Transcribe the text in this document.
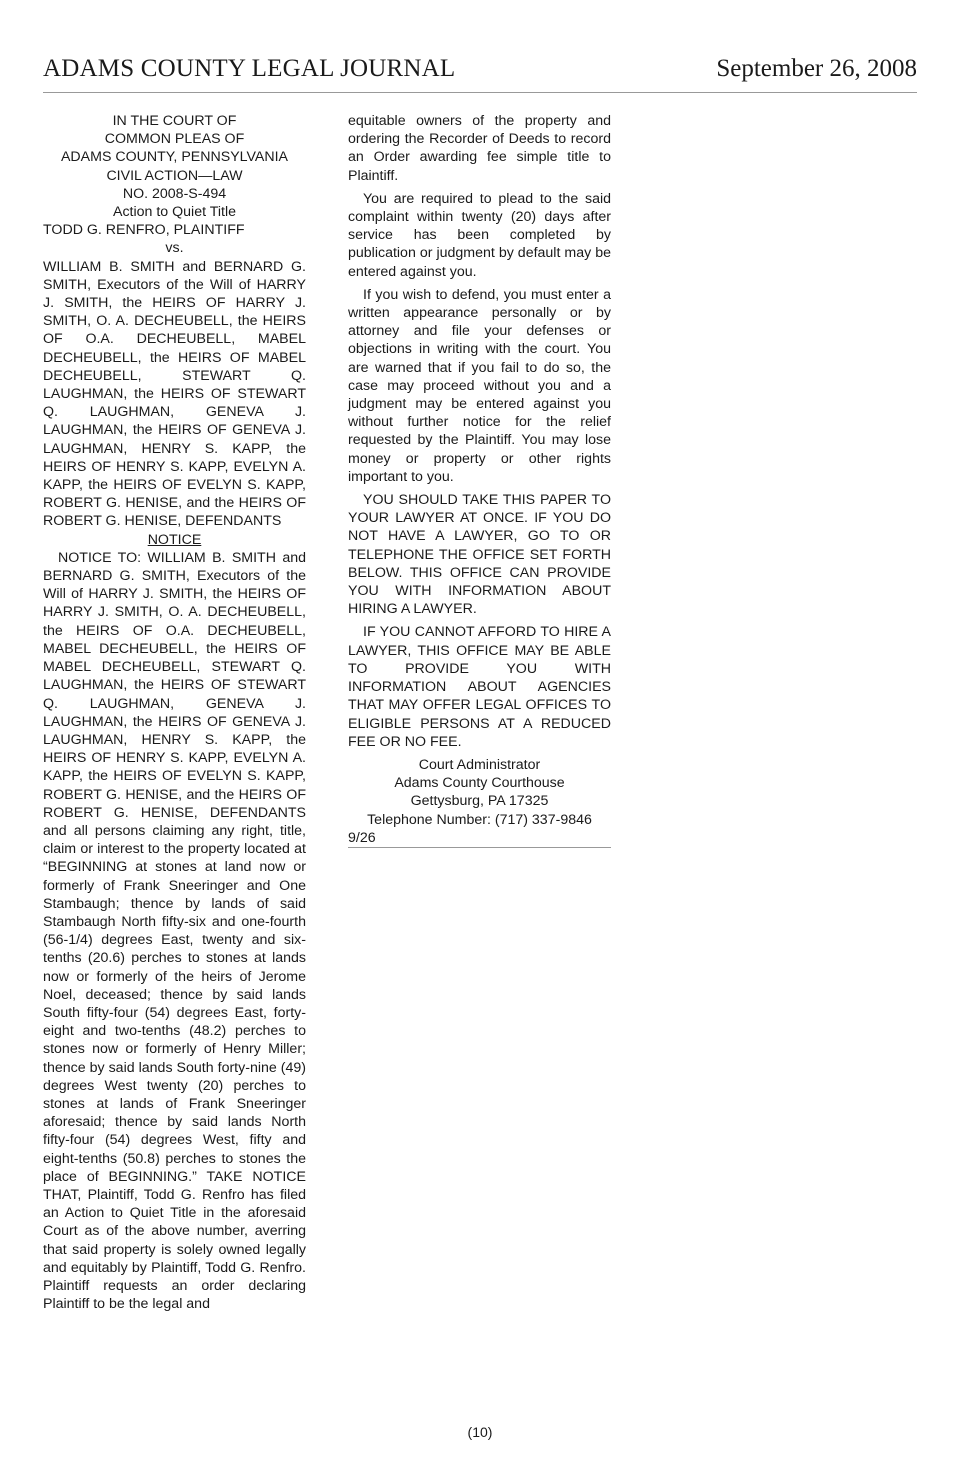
ADAMS COUNTY LEGAL JOURNAL	September 26, 2008
IN THE COURT OF
COMMON PLEAS OF
ADAMS COUNTY, PENNSYLVANIA
CIVIL ACTION—LAW
NO. 2008-S-494
Action to Quiet Title

TODD G. RENFRO, PLAINTIFF

vs.

WILLIAM B. SMITH and BERNARD G. SMITH, Executors of the Will of HARRY J. SMITH, the HEIRS OF HARRY J. SMITH, O. A. DECHEUBELL, the HEIRS OF O.A. DECHEUBELL, MABEL DECHEUBELL, the HEIRS OF MABEL DECHEUBELL, STEWART Q. LAUGHMAN, the HEIRS OF STEWART Q. LAUGHMAN, GENEVA J. LAUGHMAN, the HEIRS OF GENEVA J. LAUGHMAN, HENRY S. KAPP, the HEIRS OF HENRY S. KAPP, EVELYN A. KAPP, the HEIRS OF EVELYN S. KAPP, ROBERT G. HENISE, and the HEIRS OF ROBERT G. HENISE, DEFENDANTS

NOTICE

NOTICE TO: WILLIAM B. SMITH and BERNARD G. SMITH, Executors of the Will of HARRY J. SMITH, the HEIRS OF HARRY J. SMITH, O. A. DECHEUBELL, the HEIRS OF O.A. DECHEUBELL, MABEL DECHEUBELL, the HEIRS OF MABEL DECHEUBELL, STEWART Q. LAUGHMAN, the HEIRS OF STEWART Q. LAUGHMAN, GENEVA J. LAUGHMAN, the HEIRS OF GENEVA J. LAUGHMAN, HENRY S. KAPP, the HEIRS OF HENRY S. KAPP, EVELYN A. KAPP, the HEIRS OF EVELYN S. KAPP, ROBERT G. HENISE, and the HEIRS OF ROBERT G. HENISE, DEFENDANTS and all persons claiming any right, title, claim or interest to the property located at “BEGINNING at stones at land now or formerly of Frank Sneeringer and One Stambaugh; thence by lands of said Stambaugh North fifty-six and one-fourth (56-1/4) degrees East, twenty and six-tenths (20.6) perches to stones at lands now or formerly of the heirs of Jerome Noel, deceased; thence by said lands South fifty-four (54) degrees East, forty-eight and two-tenths (48.2) perches to stones now or formerly of Henry Miller; thence by said lands South forty-nine (49) degrees West twenty (20) perches to stones at lands of Frank Sneeringer aforesaid; thence by said lands North fifty-four (54) degrees West, fifty and eight-tenths (50.8) perches to stones the place of BEGINNING.” TAKE NOTICE THAT, Plaintiff, Todd G. Renfro has filed an Action to Quiet Title in the aforesaid Court as of the above number, averring that said property is solely owned legally and equitably by Plaintiff, Todd G. Renfro. Plaintiff requests an order declaring Plaintiff to be the legal and

equitable owners of the property and ordering the Recorder of Deeds to record an Order awarding fee simple title to Plaintiff.

You are required to plead to the said complaint within twenty (20) days after service has been completed by publication or judgment by default may be entered against you.

If you wish to defend, you must enter a written appearance personally or by attorney and file your defenses or objections in writing with the court. You are warned that if you fail to do so, the case may proceed without you and a judgment may be entered against you without further notice for the relief requested by the Plaintiff. You may lose money or property or other rights important to you.

YOU SHOULD TAKE THIS PAPER TO YOUR LAWYER AT ONCE. IF YOU DO NOT HAVE A LAWYER, GO TO OR TELEPHONE THE OFFICE SET FORTH BELOW. THIS OFFICE CAN PROVIDE YOU WITH INFORMATION ABOUT HIRING A LAWYER.

IF YOU CANNOT AFFORD TO HIRE A LAWYER, THIS OFFICE MAY BE ABLE TO PROVIDE YOU WITH INFORMATION ABOUT AGENCIES THAT MAY OFFER LEGAL OFFICES TO ELIGIBLE PERSONS AT A REDUCED FEE OR NO FEE.

Court Administrator
Adams County Courthouse
Gettysburg, PA 17325
Telephone Number: (717) 337-9846

9/26

(10)
